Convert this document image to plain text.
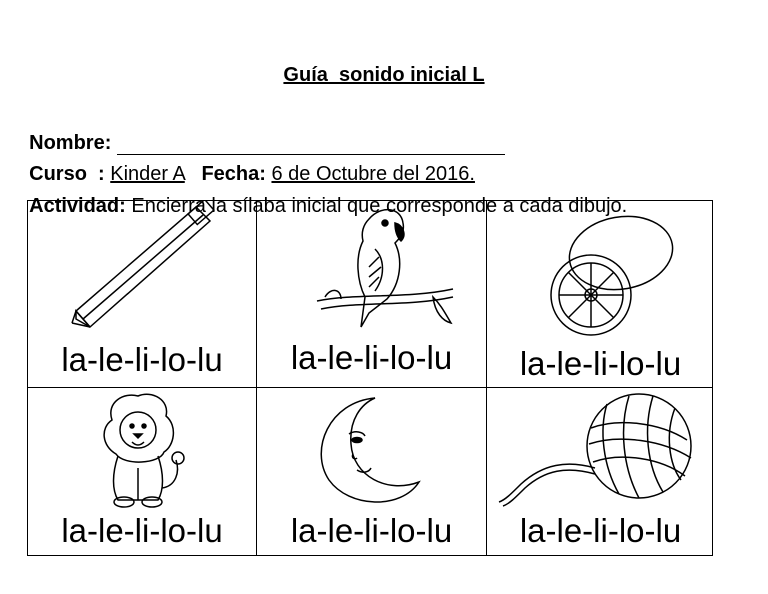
Guía  sonido inicial L

Nombre:

Curso  : Kinder A Fecha: 6 de Octubre del 2016.

Actividad: Encierra la sílaba inicial que corresponde a cada dibujo.

la-le-li-lo-lu	la-le-li-lo-lu	la-le-li-lo-lu
la-le-li-lo-lu	la-le-li-lo-lu	la-le-li-lo-lu
